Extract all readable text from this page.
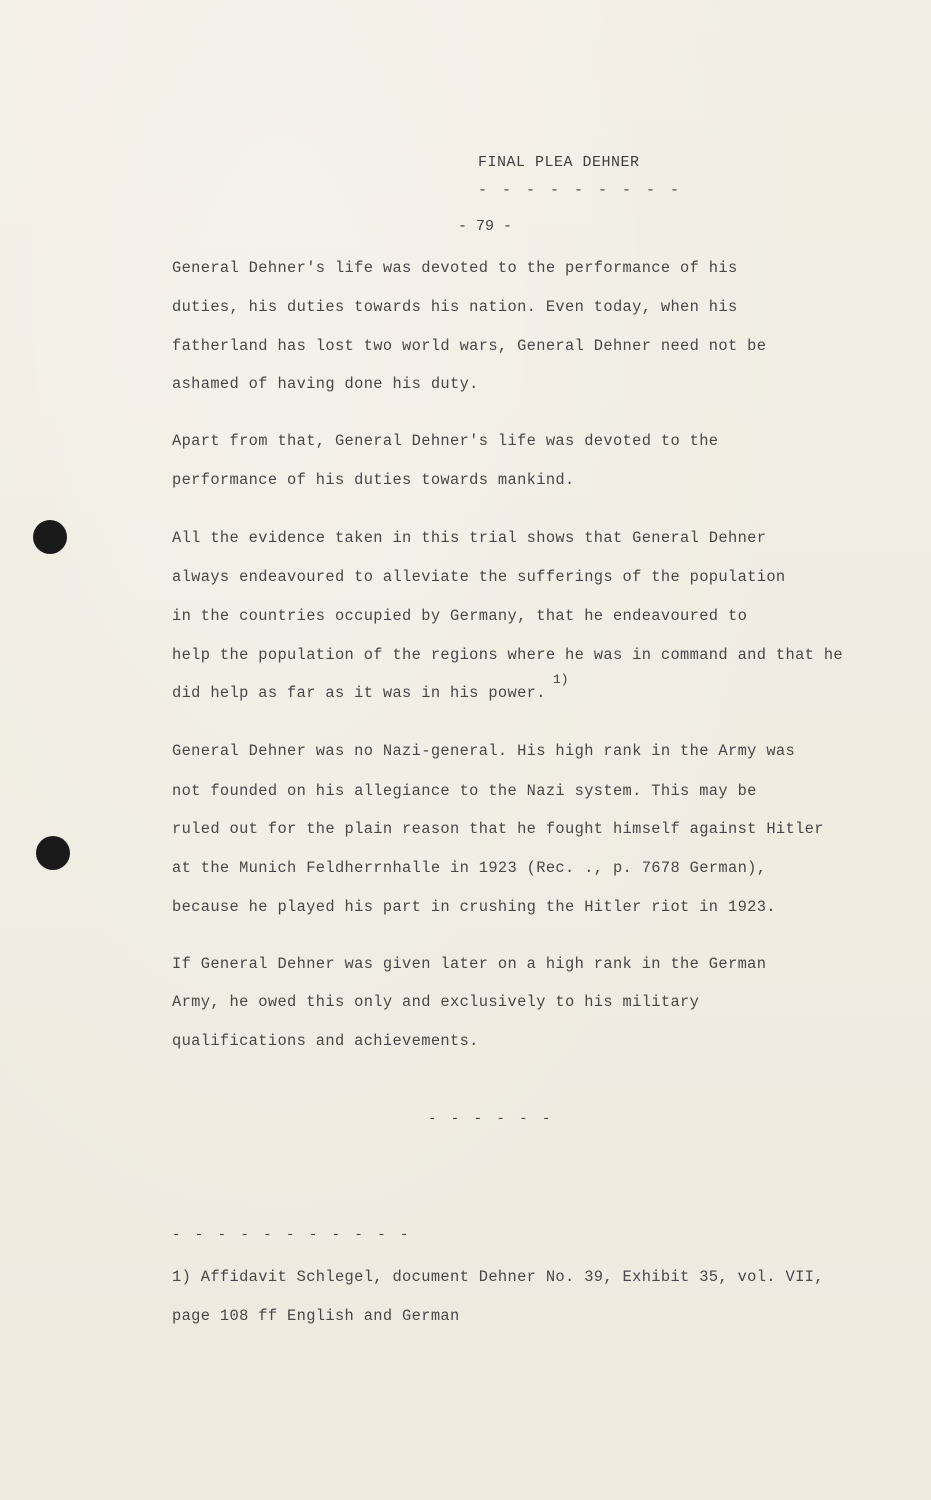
FINAL PLEA DEHNER
- - - - - - - - -
- 79 -
General Dehner's life was devoted to the performance of his
duties, his duties towards his nation. Even today, when his
fatherland has lost two world wars, General Dehner need not be
ashamed of having done his duty.
Apart from that, General Dehner's life was devoted to the
performance of his duties towards mankind.
All the evidence taken in this trial shows that General Dehner
always endeavoured to alleviate the sufferings of the population
in the countries occupied by Germany, that he endeavoured to
help the population of the regions where he was in command and that he
did help as far as it was in his power.
1)
General Dehner was no Nazi-general. His high rank in the Army was
not founded on his allegiance to the Nazi system. This may be
ruled out for the plain reason that he fought himself against Hitler
at the Munich Feldherrnhalle in 1923 (Rec. ., p. 7678 German),
because he played his part in crushing the Hitler riot in 1923.
If General Dehner was given later on a high rank in the German
Army, he owed this only and exclusively to his military
qualifications and achievements.
- - - - - -
- - - - - - - - - - -
1) Affidavit Schlegel, document Dehner No. 39, Exhibit 35, vol. VII,
page 108 ff English and German
